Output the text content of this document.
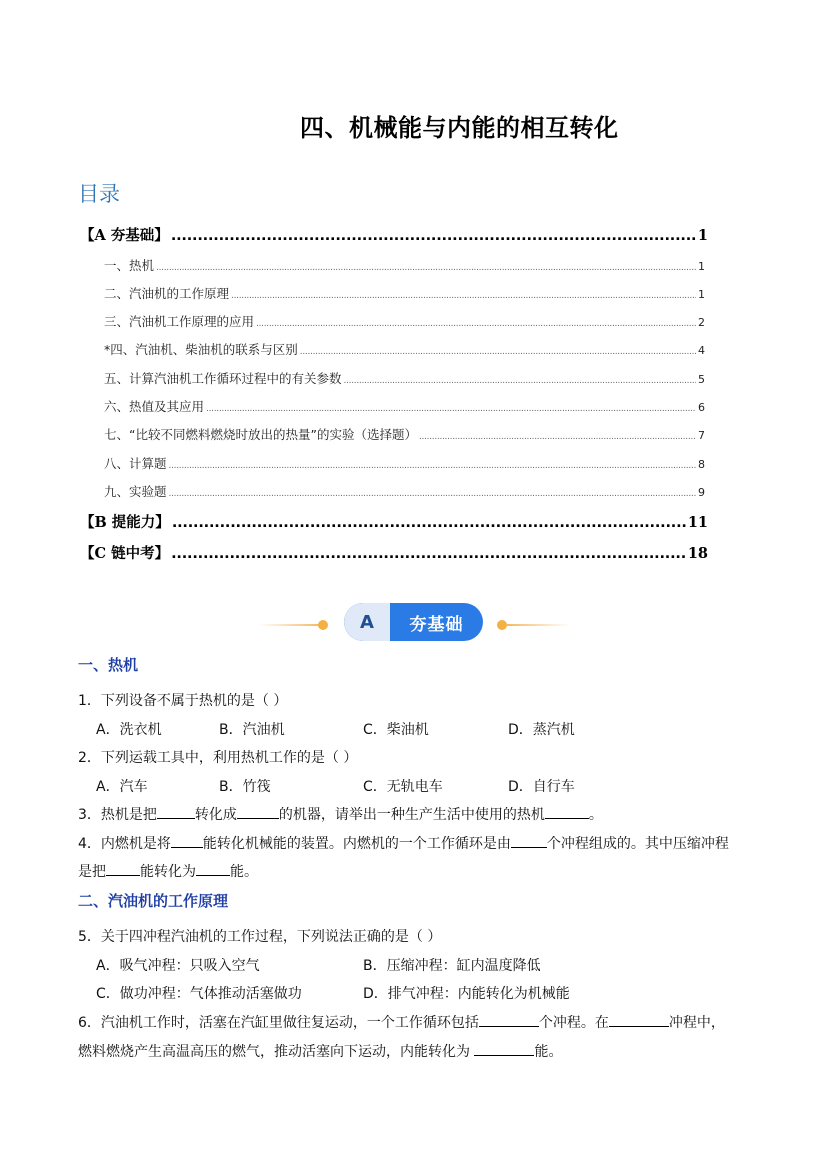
四、机械能与内能的相互转化
目录
【A 夯基础】 .....	1
一、热机 .....	1
二、汽油机的工作原理 .....	1
三、汽油机工作原理的应用 .....	2
*四、汽油机、柴油机的联系与区别 .....	4
五、计算汽油机工作循环过程中的有关参数 .....	5
六、热值及其应用 .....	6
七、“比较不同燃料燃烧时放出的热量”的实验（选择题） .....	7
八、计算题 .....	8
九、实验题 .....	9
【B 提能力】 .....	11
【C 链中考】 .....	18
A	夯基础
一、热机
1．下列设备不属于热机的是（ ）
A．洗衣机	B．汽油机	C．柴油机	D．蒸汽机
2．下列运载工具中，利用热机工作的是（ ）
A．汽车	B．竹筏	C．无轨电车	D．自行车
3．热机是把	转化成	的机器，请举出一种生产生活中使用的热机	。
4．内燃机是将 能转化机械能的装置。内燃机的一个工作循环是由	个冲程组成的。其中压缩冲程
是把 能转化为 能。
二、汽油机的工作原理
5．关于四冲程汽油机的工作过程，下列说法正确的是（ ）
A．吸气冲程：只吸入空气	B．压缩冲程：缸内温度降低
C．做功冲程：气体推动活塞做功	D．排气冲程：内能转化为机械能
6．汽油机工作时，活塞在汽缸里做往复运动，一个工作循环包括	个冲程。在	冲程中，
燃料燃烧产生高温高压的燃气，推动活塞向下运动，内能转化为	能。
